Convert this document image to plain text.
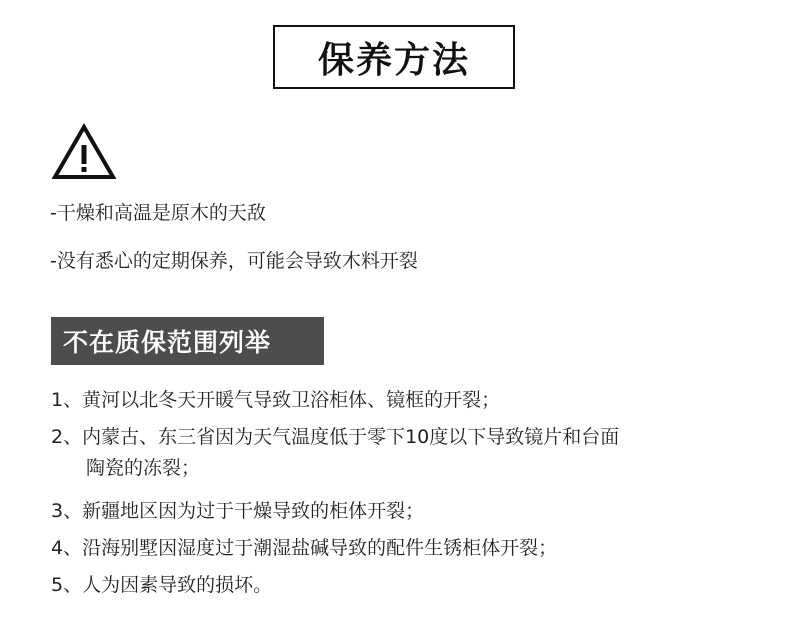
保养方法
-干燥和高温是原木的天敌
-没有悉心的定期保养，可能会导致木料开裂
不在质保范围列举
1、黄河以北冬天开暖气导致卫浴柜体、镜框的开裂；
2、内蒙古、东三省因为天气温度低于零下10度以下导致镜片和台面
陶瓷的冻裂；
3、新疆地区因为过于干燥导致的柜体开裂；
4、沿海别墅因湿度过于潮湿盐碱导致的配件生锈柜体开裂；
5、人为因素导致的损坏。
